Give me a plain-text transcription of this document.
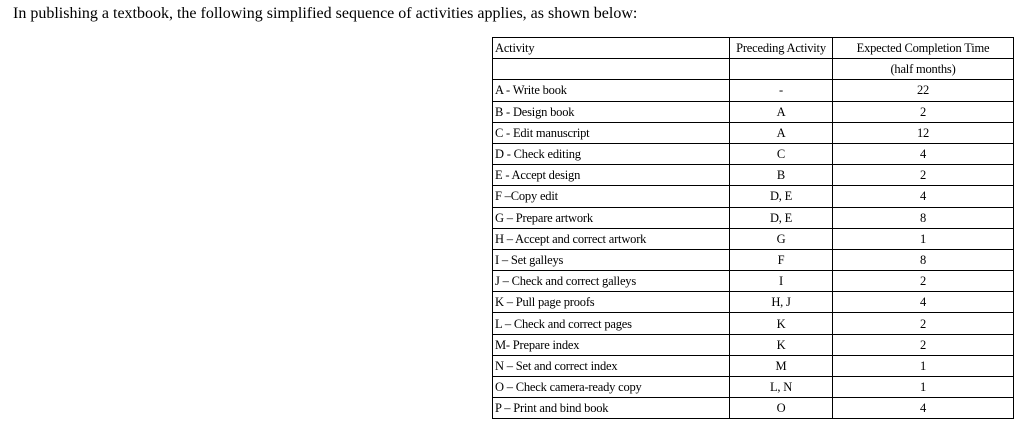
In publishing a textbook, the following simplified sequence of activities applies, as shown below:
Activity	Preceding Activity	Expected Completion Time
		(half months)
A - Write book	-	22
B - Design book	A	2
C - Edit manuscript	A	12
D - Check editing	C	4
E - Accept design	B	2
F –Copy edit	D, E	4
G – Prepare artwork	D, E	8
H – Accept and correct artwork	G	1
I – Set galleys	F	8
J – Check and correct galleys	I	2
K – Pull page proofs	H, J	4
L – Check and correct pages	K	2
M- Prepare index	K	2
N – Set and correct index	M	1
O – Check camera-ready copy	L, N	1
P – Print and bind book	O	4
